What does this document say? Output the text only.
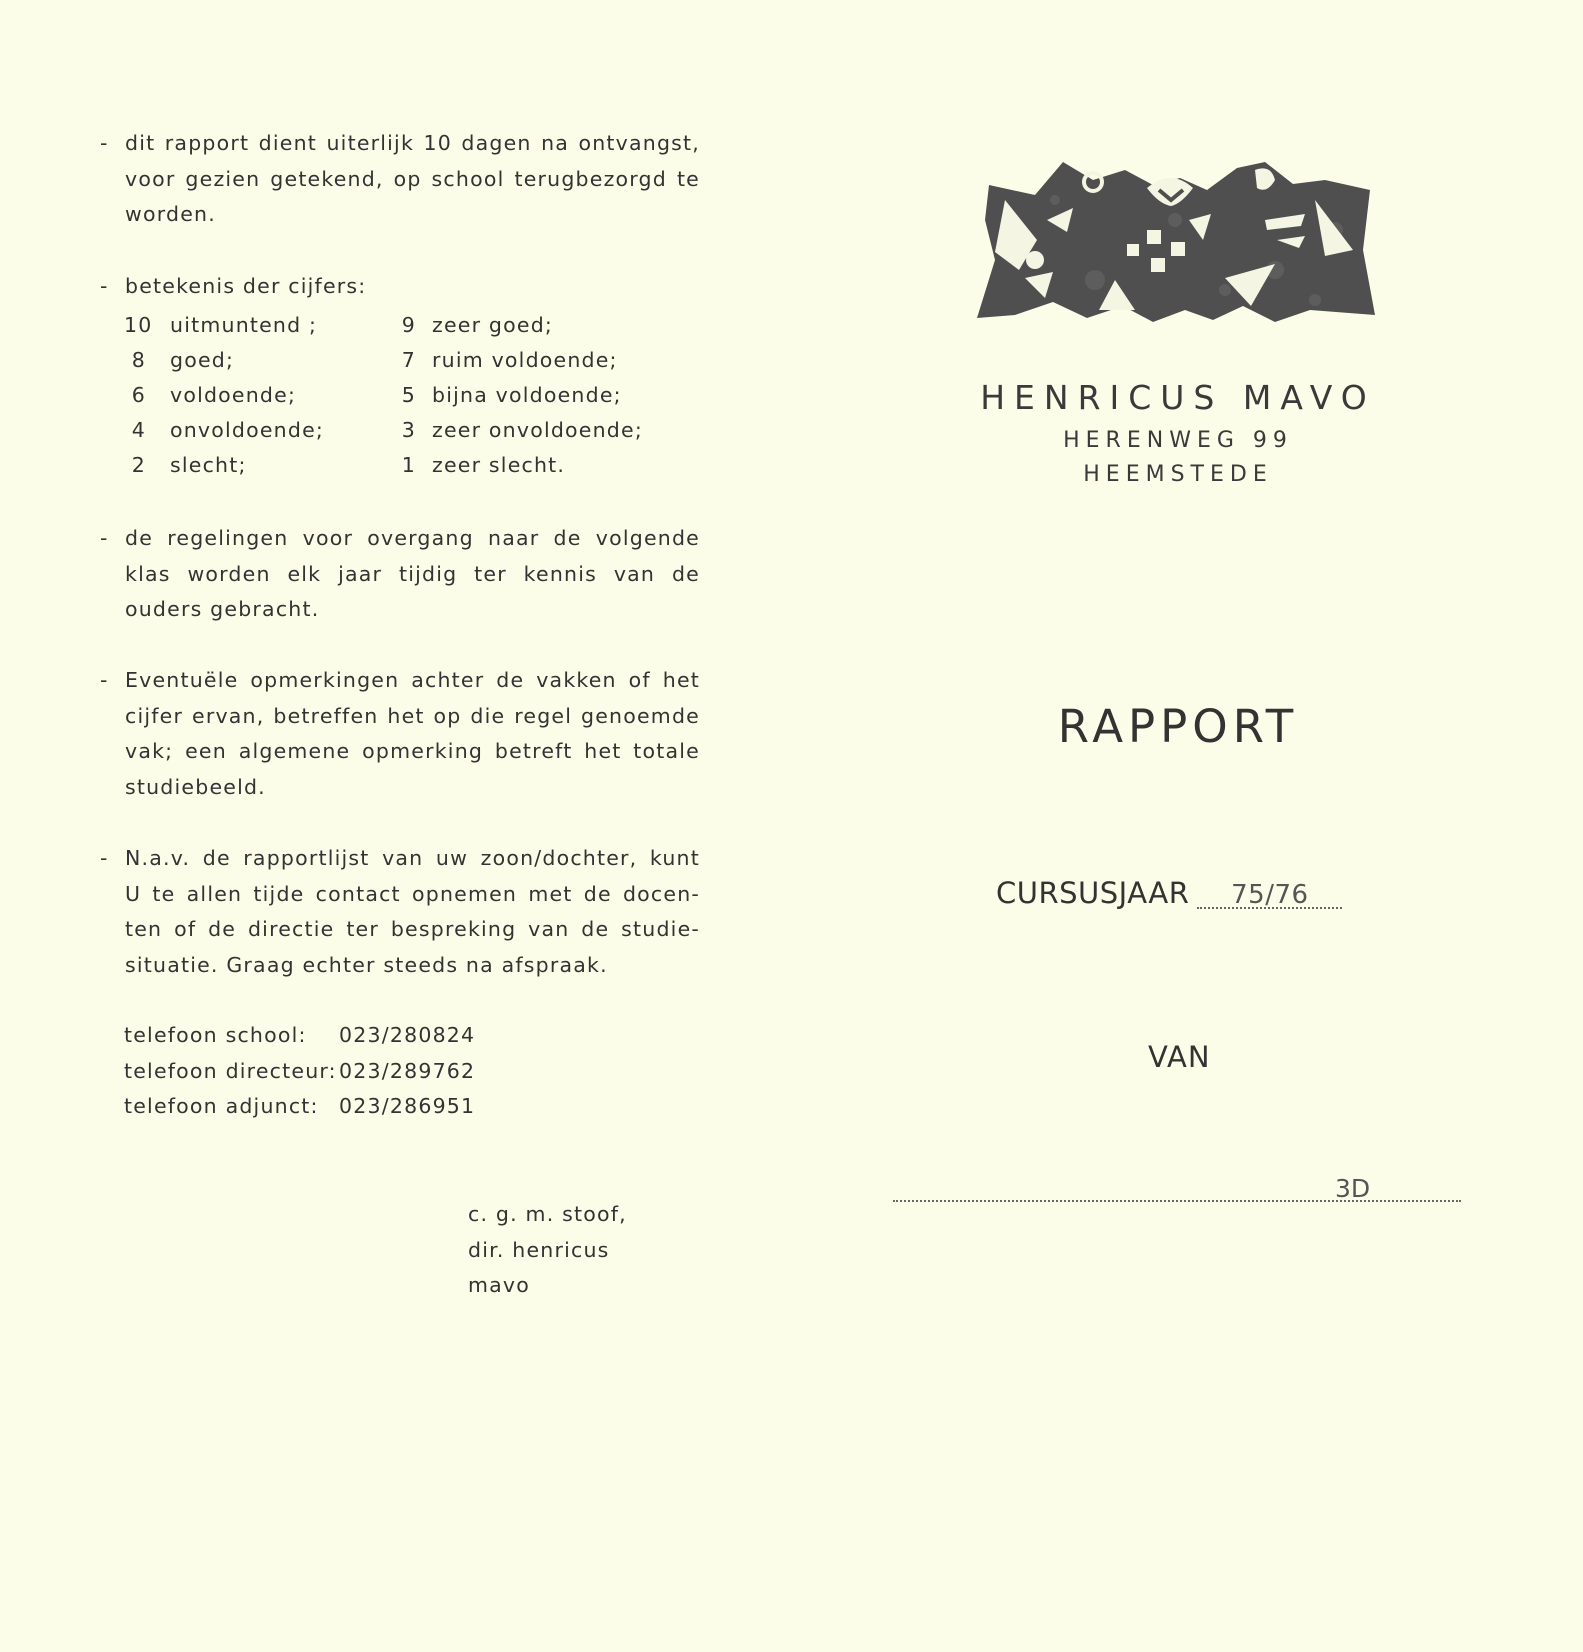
- dit rapport dient uiterlijk 10 dagen na ontvangst,
voor gezien getekend, op school terugbezorgd te
worden.
- betekenis der cijfers:
10 uitmuntend ;	9 zeer goed;
8 goed;	7 ruim voldoende;
6 voldoende;	5 bijna voldoende;
4 onvoldoende;	3 zeer onvoldoende;
2 slecht;	1 zeer slecht.
- de regelingen voor overgang naar de volgende
klas worden elk jaar tijdig ter kennis van de
ouders gebracht.
- Eventuële opmerkingen achter de vakken of het
cijfer ervan, betreffen het op die regel genoemde
vak; een algemene opmerking betreft het totale
studiebeeld.
- N.a.v. de rapportlijst van uw zoon/dochter, kunt
U te allen tijde contact opnemen met de docen-
ten of de directie ter bespreking van de studie-
situatie. Graag echter steeds na afspraak.
telefoon school: 023/280824
telefoon directeur: 023/289762
telefoon adjunct: 023/286951
c. g. m. stoof,
dir. henricus mavo
HENRICUS MAVO
HERENWEG 99
HEEMSTEDE
RAPPORT
CURSUSJAAR 75/76
VAN
3D
